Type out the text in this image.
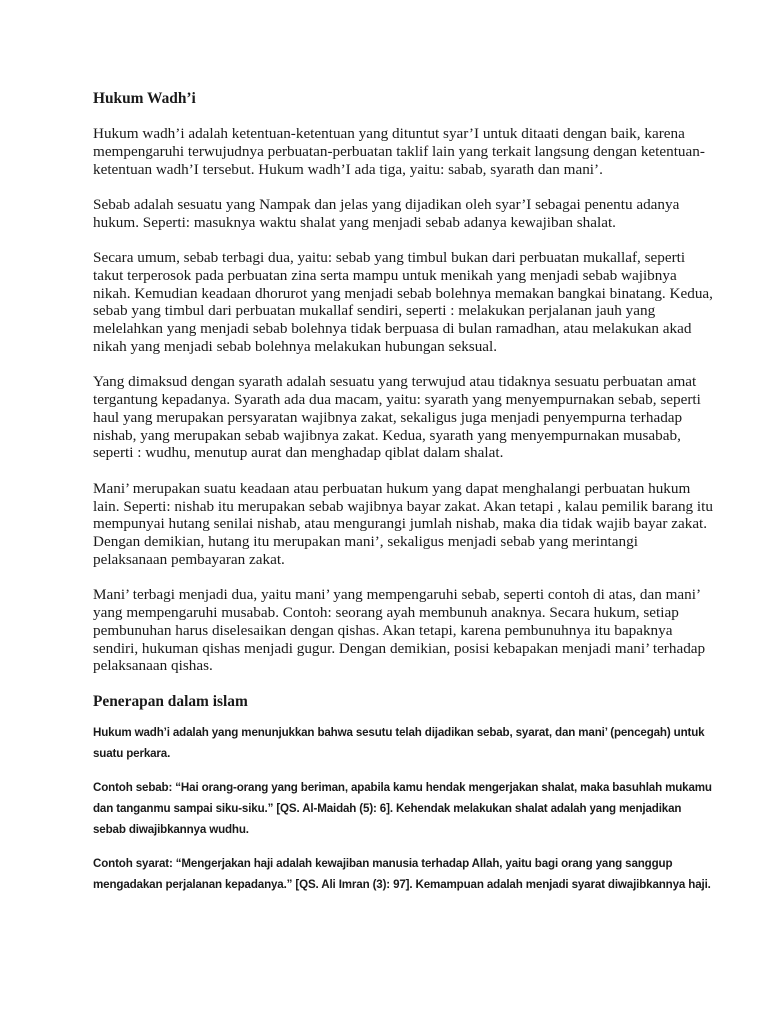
Hukum Wadh’i

Hukum wadh’i adalah ketentuan-ketentuan yang dituntut syar’I untuk ditaati dengan baik, karena mempengaruhi terwujudnya perbuatan-perbuatan taklif lain yang terkait langsung dengan ketentuan-ketentuan wadh’I tersebut. Hukum wadh’I ada tiga, yaitu: sabab, syarath dan mani’.

Sebab adalah sesuatu yang Nampak dan jelas yang dijadikan oleh syar’I sebagai penentu adanya hukum. Seperti: masuknya waktu shalat yang menjadi sebab adanya kewajiban shalat.

Secara umum, sebab terbagi dua, yaitu: sebab yang timbul bukan dari perbuatan mukallaf, seperti takut terperosok pada perbuatan zina serta mampu untuk menikah yang menjadi sebab wajibnya nikah. Kemudian keadaan dhorurot yang menjadi sebab bolehnya memakan bangkai binatang. Kedua, sebab yang timbul dari perbuatan mukallaf sendiri, seperti : melakukan perjalanan jauh yang melelahkan yang menjadi sebab bolehnya tidak berpuasa di bulan ramadhan, atau melakukan akad nikah yang menjadi sebab bolehnya melakukan hubungan seksual.

Yang dimaksud dengan syarath adalah sesuatu yang terwujud atau tidaknya sesuatu perbuatan amat tergantung kepadanya. Syarath ada dua macam, yaitu: syarath yang menyempurnakan sebab, seperti haul yang merupakan persyaratan wajibnya zakat, sekaligus juga menjadi penyempurna terhadap nishab, yang merupakan sebab wajibnya zakat. Kedua, syarath yang menyempurnakan musabab, seperti : wudhu, menutup aurat dan menghadap qiblat dalam shalat.

Mani’ merupakan suatu keadaan atau perbuatan hukum yang dapat menghalangi perbuatan hukum lain. Seperti: nishab itu merupakan sebab wajibnya bayar zakat. Akan tetapi , kalau pemilik barang itu mempunyai hutang senilai nishab, atau mengurangi jumlah nishab, maka dia tidak wajib bayar zakat. Dengan demikian, hutang itu merupakan mani’, sekaligus menjadi sebab yang merintangi pelaksanaan pembayaran zakat.

Mani’ terbagi menjadi dua, yaitu mani’ yang mempengaruhi sebab, seperti contoh di atas, dan mani’ yang mempengaruhi musabab. Contoh: seorang ayah membunuh anaknya. Secara hukum, setiap pembunuhan harus diselesaikan dengan qishas. Akan tetapi, karena pembunuhnya itu bapaknya sendiri, hukuman qishas menjadi gugur. Dengan demikian, posisi kebapakan menjadi mani’ terhadap pelaksanaan qishas.

Penerapan dalam islam

Hukum wadh’i adalah yang menunjukkan bahwa sesutu telah dijadikan sebab, syarat, dan mani’ (pencegah) untuk suatu perkara.

Contoh sebab: “Hai orang-orang yang beriman, apabila kamu hendak mengerjakan shalat, maka basuhlah mukamu dan tanganmu sampai siku-siku.” [QS. Al-Maidah (5): 6]. Kehendak melakukan shalat adalah yang menjadikan sebab diwajibkannya wudhu.

Contoh syarat: “Mengerjakan haji adalah kewajiban manusia terhadap Allah, yaitu bagi orang yang sanggup mengadakan perjalanan kepadanya.” [QS. Ali Imran (3): 97]. Kemampuan adalah menjadi syarat diwajibkannya haji.
